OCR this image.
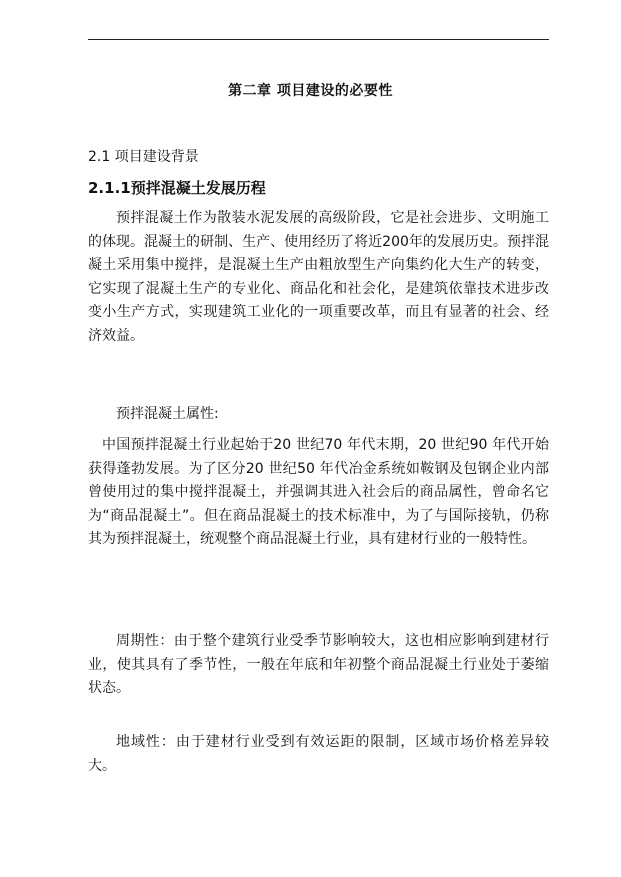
第二章 项目建设的必要性
2.1 项目建设背景
2.1.1预拌混凝土发展历程
预拌混凝土作为散装水泥发展的高级阶段，它是社会进步、文明施工的体现。混凝土的研制、生产、使用经历了将近200年的发展历史。预拌混凝土采用集中搅拌，是混凝土生产由粗放型生产向集约化大生产的转变，它实现了混凝土生产的专业化、商品化和社会化，是建筑依靠技术进步改变小生产方式，实现建筑工业化的一项重要改革，而且有显著的社会、经济效益。
预拌混凝土属性:
中国预拌混凝土行业起始于20 世纪70 年代末期，20 世纪90 年代开始获得蓬勃发展。为了区分20 世纪50 年代冶金系统如鞍钢及包钢企业内部曾使用过的集中搅拌混凝土，并强调其进入社会后的商品属性，曾命名它为“商品混凝土”。但在商品混凝土的技术标准中，为了与国际接轨，仍称其为预拌混凝土，统观整个商品混凝土行业，具有建材行业的一般特性。
周期性：由于整个建筑行业受季节影响较大，这也相应影响到建材行业，使其具有了季节性，一般在年底和年初整个商品混凝土行业处于萎缩状态。
地域性：由于建材行业受到有效运距的限制，区域市场价格差异较大。
